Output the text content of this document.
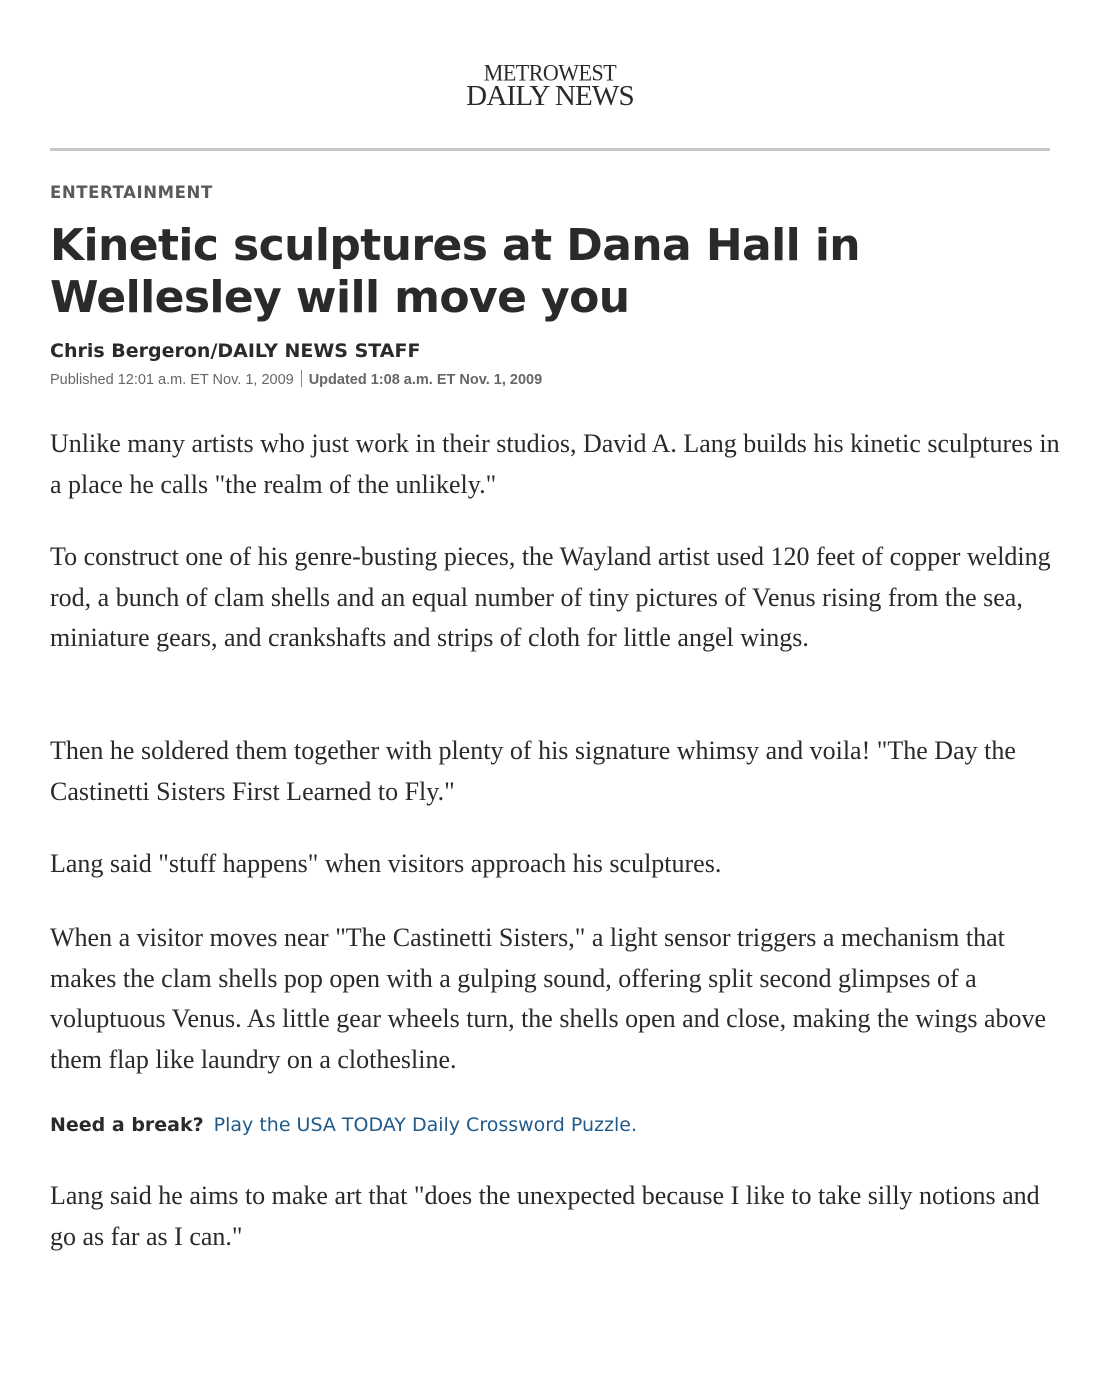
METROWEST
DAILY NEWS
ENTERTAINMENT
Kinetic sculptures at Dana Hall in Wellesley will move you
Chris Bergeron/DAILY NEWS STAFF
Published 12:01 a.m. ET Nov. 1, 2009 Updated 1:08 a.m. ET Nov. 1, 2009

Unlike many artists who just work in their studios, David A. Lang builds his kinetic sculptures in a place he calls "the realm of the unlikely."

To construct one of his genre-busting pieces, the Wayland artist used 120 feet of copper welding rod, a bunch of clam shells and an equal number of tiny pictures of Venus rising from the sea, miniature gears, and crankshafts and strips of cloth for little angel wings.

Then he soldered them together with plenty of his signature whimsy and voila! "The Day the Castinetti Sisters First Learned to Fly."

Lang said "stuff happens" when visitors approach his sculptures.

When a visitor moves near "The Castinetti Sisters," a light sensor triggers a mechanism that makes the clam shells pop open with a gulping sound, offering split second glimpses of a voluptuous Venus. As little gear wheels turn, the shells open and close, making the wings above them flap like laundry on a clothesline.

Need a break? Play the USA TODAY Daily Crossword Puzzle.

Lang said he aims to make art that "does the unexpected because I like to take silly notions and go as far as I can."
